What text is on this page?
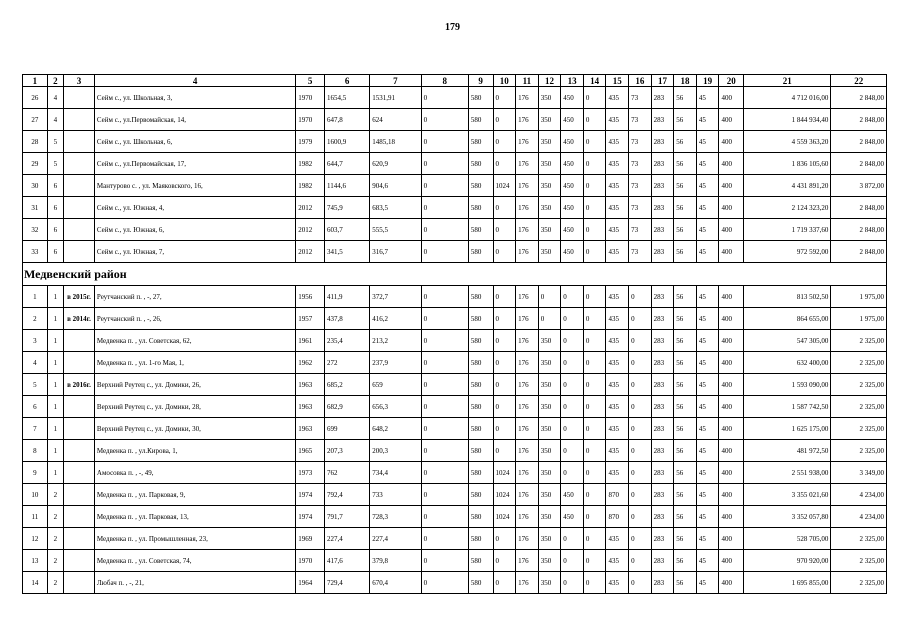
179
1	2	3	4	5	6	7	8	9	10	11	12	13	14	15	16	17	18	19	20	21	22
26	4		Сейм с., ул. Школьная, 3,	1970	1654,5	1531,91	0	580	0	176	350	450	0	435	73	283	56	45	400	4 712 016,00	2 848,00
27	4		Сейм с., ул.Первомайская, 14,	1970	647,8	624	0	580	0	176	350	450	0	435	73	283	56	45	400	1 844 934,40	2 848,00
28	5		Сейм с., ул. Школьная, 6,	1979	1600,9	1485,18	0	580	0	176	350	450	0	435	73	283	56	45	400	4 559 363,20	2 848,00
29	5		Сейм с., ул.Первомайская, 17,	1982	644,7	620,9	0	580	0	176	350	450	0	435	73	283	56	45	400	1 836 105,60	2 848,00
30	6		Мантурово с. , ул. Маяковского, 16,	1982	1144,6	904,6	0	580	1024	176	350	450	0	435	73	283	56	45	400	4 431 891,20	3 872,00
31	6		Сейм с., ул. Южная, 4,	2012	745,9	683,5	0	580	0	176	350	450	0	435	73	283	56	45	400	2 124 323,20	2 848,00
32	6		Сейм с., ул. Южная, 6,	2012	603,7	555,5	0	580	0	176	350	450	0	435	73	283	56	45	400	1 719 337,60	2 848,00
33	6		Сейм с., ул. Южная, 7,	2012	341,5	316,7	0	580	0	176	350	450	0	435	73	283	56	45	400	972 592,00	2 848,00
Медвенский район																					
1	1	в 2015г.	Реутчанский п. , -, 27,	1956	411,9	372,7	0	580	0	176	0	0	0	435	0	283	56	45	400	813 502,50	1 975,00
2	1	в 2014г.	Реутчанский п. , -, 26,	1957	437,8	416,2	0	580	0	176	0	0	0	435	0	283	56	45	400	864 655,00	1 975,00
3	1		Медвенка п. , ул. Советская, 62,	1961	235,4	213,2	0	580	0	176	350	0	0	435	0	283	56	45	400	547 305,00	2 325,00
4	1		Медвенка п. , ул. 1-го Мая, 1,	1962	272	237,9	0	580	0	176	350	0	0	435	0	283	56	45	400	632 400,00	2 325,00
5	1	в 2016г.	Верхний Реутец с., ул. Домики, 26,	1963	685,2	659	0	580	0	176	350	0	0	435	0	283	56	45	400	1 593 090,00	2 325,00
6	1		Верхний Реутец с., ул. Домики, 28,	1963	682,9	656,3	0	580	0	176	350	0	0	435	0	283	56	45	400	1 587 742,50	2 325,00
7	1		Верхний Реутец с., ул. Домики, 30,	1963	699	648,2	0	580	0	176	350	0	0	435	0	283	56	45	400	1 625 175,00	2 325,00
8	1		Медвенка п. , ул.Кирова, 1,	1965	207,3	200,3	0	580	0	176	350	0	0	435	0	283	56	45	400	481 972,50	2 325,00
9	1		Амосовка п. , -, 49,	1973	762	734,4	0	580	1024	176	350	0	0	435	0	283	56	45	400	2 551 938,00	3 349,00
10	2		Медвенка п. , ул. Парковая, 9,	1974	792,4	733	0	580	1024	176	350	450	0	870	0	283	56	45	400	3 355 021,60	4 234,00
11	2		Медвенка п. , ул. Парковая, 13,	1974	791,7	728,3	0	580	1024	176	350	450	0	870	0	283	56	45	400	3 352 057,80	4 234,00
12	2		Медвенка п. , ул. Промышленная, 23,	1969	227,4	227,4	0	580	0	176	350	0	0	435	0	283	56	45	400	528 705,00	2 325,00
13	2		Медвенка п. , ул. Советская, 74,	1970	417,6	379,8	0	580	0	176	350	0	0	435	0	283	56	45	400	970 920,00	2 325,00
14	2		Любач п. , -, 21,	1964	729,4	670,4	0	580	0	176	350	0	0	435	0	283	56	45	400	1 695 855,00	2 325,00
